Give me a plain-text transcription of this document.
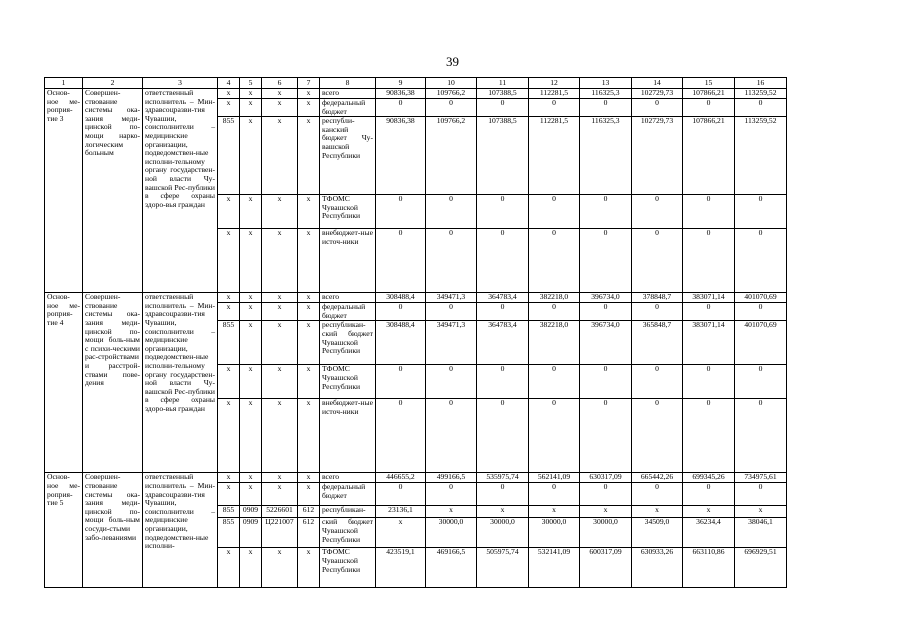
39
1	2	3	4	5	6	7	8	9	10	11	12	13	14	15	16
Основ-ное ме-роприя-тие 3	Совершен-ствование системы ока-зания меди-цинской по-мощи нарко-логическим больным	ответственный исполнитель – Мин-здравсоцразви-тия Чувашии, соисполнители – медицинские организации, подведомствен-ные исполни-тельному органу государствен-ной власти Чу-вашской Рес-публики в сфере охраны здоро-вья граждан	x	x	x	x	всего	90836,38	109766,2	107388,5	112281,5	116325,3	102729,73	107866,21	113259,52
			x	x	x	x	федеральный бюджет	0	0	0	0	0	0	0	0
			855	x	x	x	республи-канский бюджет Чу-вашской Республики	90836,38	109766,2	107388,5	112281,5	116325,3	102729,73	107866,21	113259,52
			x	x	x	x	ТФОМС Чувашской Республики	0	0	0	0	0	0	0	0
			x	x	x	x	внебюджет-ные источ-ники	0	0	0	0	0	0	0	0
Основ-ное ме-роприя-тие 4	Совершен-ствование системы ока-зания меди-цинской по-мощи боль-ным с психи-ческими рас-стройствами и расстрой-ствами пове-дения	ответственный исполнитель – Мин-здравсоцразви-тия Чувашии, соисполнители – медицинские организации, подведомствен-ные исполни-тельному органу государствен-ной власти Чу-вашской Рес-публики в сфере охраны здоро-вья граждан	x	x	x	x	всего	308488,4	349471,3	364783,4	382218,0	396734,0	378848,7	383071,14	401070,69
			x	x	x	x	федеральный бюджет	0	0	0	0	0	0	0	0
			855	x	x	x	республикан-ский бюджет Чувашской Республики	308488,4	349471,3	364783,4	382218,0	396734,0	365848,7	383071,14	401070,69
			x	x	x	x	ТФОМС Чувашской Республики	0	0	0	0	0	0	0	0
			x	x	x	x	внебюджет-ные источ-ники	0	0	0	0	0	0	0	0
Основ-ное ме-роприя-тие 5	Совершен-ствование системы ока-зания меди-цинской по-мощи боль-ным сосуди-стыми забо-леваниями	ответственный исполнитель – Мин-здравсоцразви-тия Чувашии, соисполнители – медицинские организации, подведомствен-ные исполни-	x	x	x	x	всего	446655,2	499166,5	535975,74	562141,09	630317,09	665442,26	699345,26	734975,61
			x	x	x	x	федеральный бюджет	0	0	0	0	0	0	0	0
			855	0909	5226601	612	республикан-	23136,1	x	x	x	x	x	x	x
			855	0909	Ц221007	612	ский бюджет Чувашской Республики	x	30000,0	30000,0	30000,0	30000,0	34509,0	36234,4	38046,1
			x	x	x	x	ТФОМС Чувашской Республики	423519,1	469166,5	505975,74	532141,09	600317,09	630933,26	663110,86	696929,51
